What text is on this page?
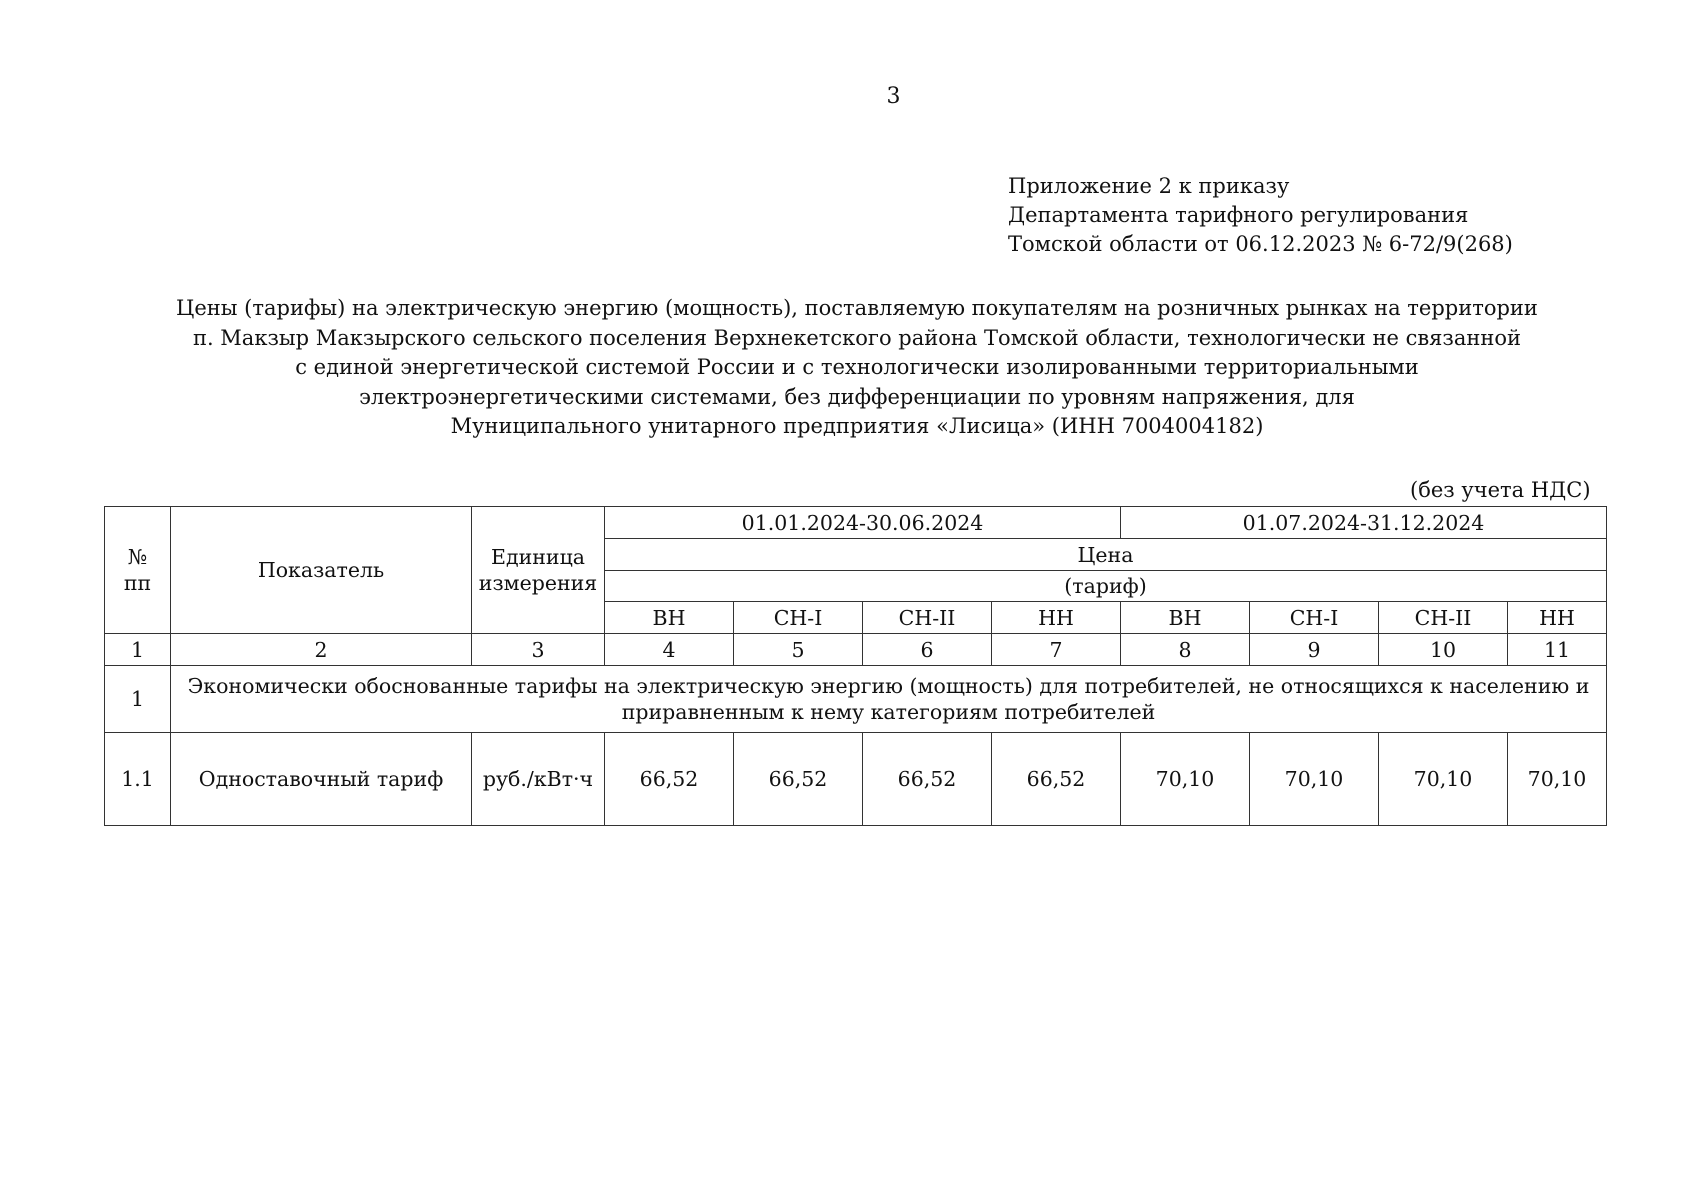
3
Приложение 2 к приказу
Департамента тарифного регулирования
Томской области от 06.12.2023 № 6-72/9(268)
Цены (тарифы) на электрическую энергию (мощность), поставляемую покупателям на розничных рынках на территории
п. Макзыр Макзырского сельского поселения Верхнекетского района Томской области, технологически не связанной
с единой энергетической системой России и с технологически изолированными территориальными
электроэнергетическими системами, без дифференциации по уровням напряжения, для
Муниципального унитарного предприятия «Лисица» (ИНН 7004004182)
(без учета НДС)
№
пп	Показатель	Единица измерения	01.01.2024-30.06.2024				01.07.2024-31.12.2024			
			Цена							
			(тариф)							
			ВН	СН-I	СН-II	НН	ВН	СН-I	СН-II	НН
1	2	3	4	5	6	7	8	9	10	11
1	Экономически обоснованные тарифы на электрическую энергию (мощность) для потребителей, не относящихся к населению и приравненным к нему категориям потребителей									
1.1	Одноставочный тариф	руб./кВт·ч	66,52	66,52	66,52	66,52	70,10	70,10	70,10	70,10
